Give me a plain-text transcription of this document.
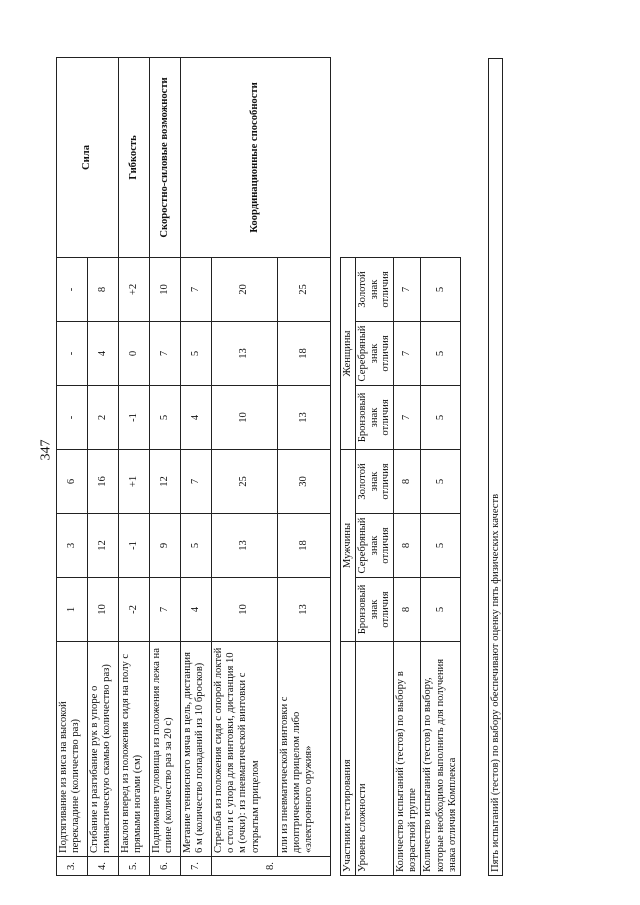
347
3.	Подтягивание из виса на высокой перекладине (количество раз)	1	3	6	-	-	-	Сила
4.	Сгибание и разгибание рук в упоре о гимнастическую скамью (количество раз)	10	12	16	2	4	8	
5.	Наклон вперед из положения сидя на полу с прямыми ногами (см)	-2	-1	+1	-1	0	+2	Гибкость
6.	Поднимание туловища из положения лежа на спине (количество раз за 20 с)	7	9	12	5	7	10	Скоростно-силовые возможности
7.	Метание теннисного мяча в цель, дистанция 6 м (количество попаданий из 10 бросков)	4	5	7	4	5	7	Координационные способности
8.	Стрельба из положения сидя с опорой локтей о стол и с упора для винтовки, дистанция 10 м (очки): из пневматической винтовки с открытым прицелом	10	13	25	10	13	20	
	или из пневматической винтовки с диоптрическим прицелом либо «электронного оружия»	13	18	30	13	18	25	
Участники тестирования	Мужчины			Женщины			
Уровень сложности	Бронзовый знак отличия	Серебряный знак отличия	Золотой знак отличия	Бронзовый знак отличия	Серебряный знак отличия	Золотой знак отличия	
Количество испытаний (тестов) по выбору в возрастной группе	8	8	8	7	7	7	
Количество испытаний (тестов) по выбору, которые необходимо выполнить для получения знака отличия Комплекса	5	5	5	5	5	5	
Пять испытаний (тестов) по выбору обеспечивают оценку пять физических качеств
